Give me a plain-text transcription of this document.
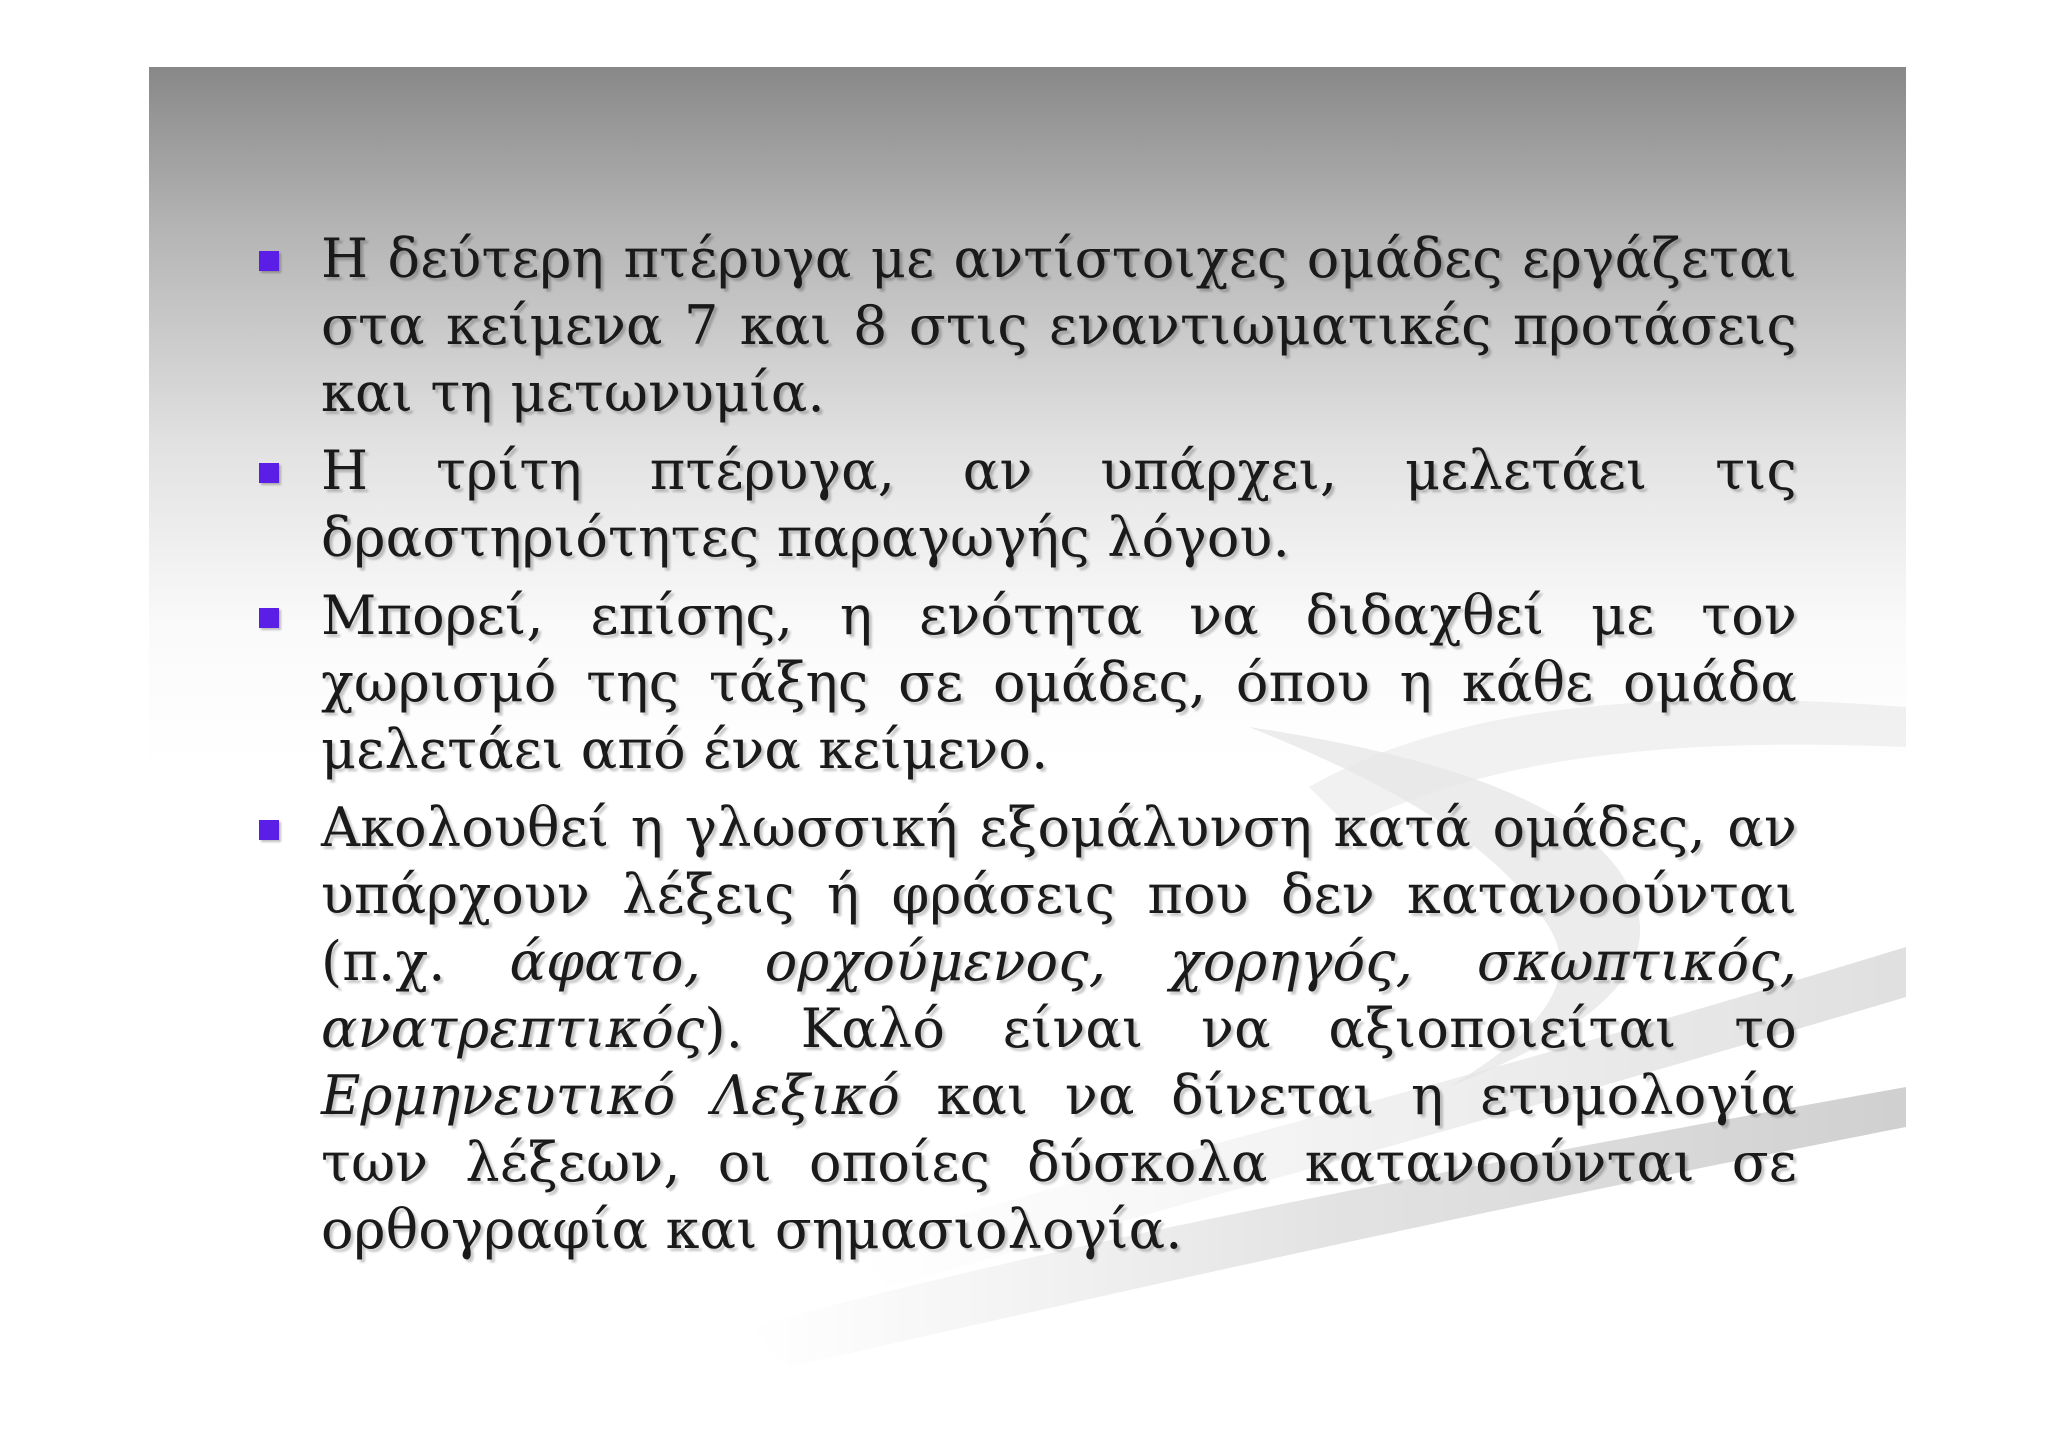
Η δεύτερη πτέρυγα με αντίστοιχες ομάδες εργάζεται στα κείμενα 7 και 8 στις εναντιωματικές προτάσεις και τη μετωνυμία.
Η τρίτη πτέρυγα, αν υπάρχει, μελετάει τις δραστηριότητες παραγωγής λόγου.
Μπορεί, επίσης, η ενότητα να διδαχθεί με τον χωρισμό της τάξης σε ομάδες, όπου η κάθε ομάδα μελετάει από ένα κείμενο.
Ακολουθεί η γλωσσική εξομάλυνση κατά ομάδες, αν υπάρχουν λέξεις ή φράσεις που δεν κατανοούνται (π.χ. άφατο, ορχούμενος, χορηγός, σκωπτικός, ανατρεπτικός). Καλό είναι να αξιοποιείται το Ερμηνευτικό Λεξικό και να δίνεται η ετυμολογία των λέξεων, οι οποίες δύσκολα κατανοούνται σε ορθογραφία και σημασιολογία.
